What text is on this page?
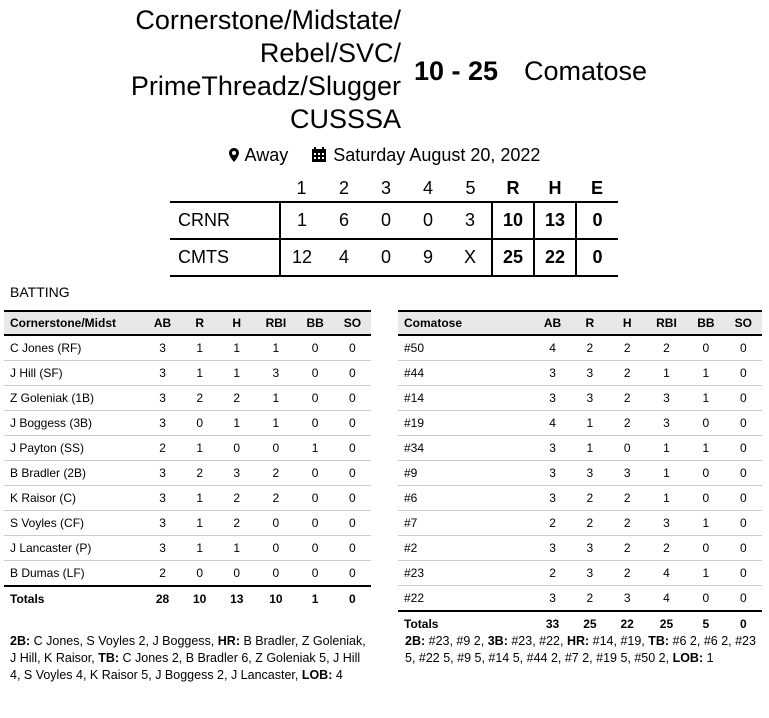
Cornerstone/Midstate/
Rebel/SVC/
PrimeThreadz/Slugger
CUSSSA
10 - 25 Comatose
Away	Saturday August 20, 2022
	1	2	3	4	5	R	H	E
CRNR	1	6	0	0	3	10	13	0
CMTS	12	4	0	9	X	25	22	0
BATTING
Cornerstone/Midst	AB	R	H	RBI	BB	SO
C Jones (RF)	3	1	1	1	0	0
J Hill (SF)	3	1	1	3	0	0
Z Goleniak (1B)	3	2	2	1	0	0
J Boggess (3B)	3	0	1	1	0	0
J Payton (SS)	2	1	0	0	1	0
B Bradler (2B)	3	2	3	2	0	0
K Raisor (C)	3	1	2	2	0	0
S Voyles (CF)	3	1	2	0	0	0
J Lancaster (P)	3	1	1	0	0	0
B Dumas (LF)	2	0	0	0	0	0
Totals	28	10	13	10	1	0
Comatose	AB	R	H	RBI	BB	SO
#50	4	2	2	2	0	0
#44	3	3	2	1	1	0
#14	3	3	2	3	1	0
#19	4	1	2	3	0	0
#34	3	1	0	1	1	0
#9	3	3	3	1	0	0
#6	3	2	2	1	0	0
#7	2	2	2	3	1	0
#2	3	3	2	2	0	0
#23	2	3	2	4	1	0
#22	3	2	3	4	0	0
Totals	33	25	22	25	5	0
2B: C Jones, S Voyles 2, J Boggess, HR: B Bradler, Z Goleniak, J Hill, K Raisor, TB: C Jones 2, B Bradler 6, Z Goleniak 5, J Hill 4, S Voyles 4, K Raisor 5, J Boggess 2, J Lancaster, LOB: 4
2B: #23, #9 2, 3B: #23, #22, HR: #14, #19, TB: #6 2, #6 2, #23 5, #22 5, #9 5, #14 5, #44 2, #7 2, #19 5, #50 2, LOB: 1
